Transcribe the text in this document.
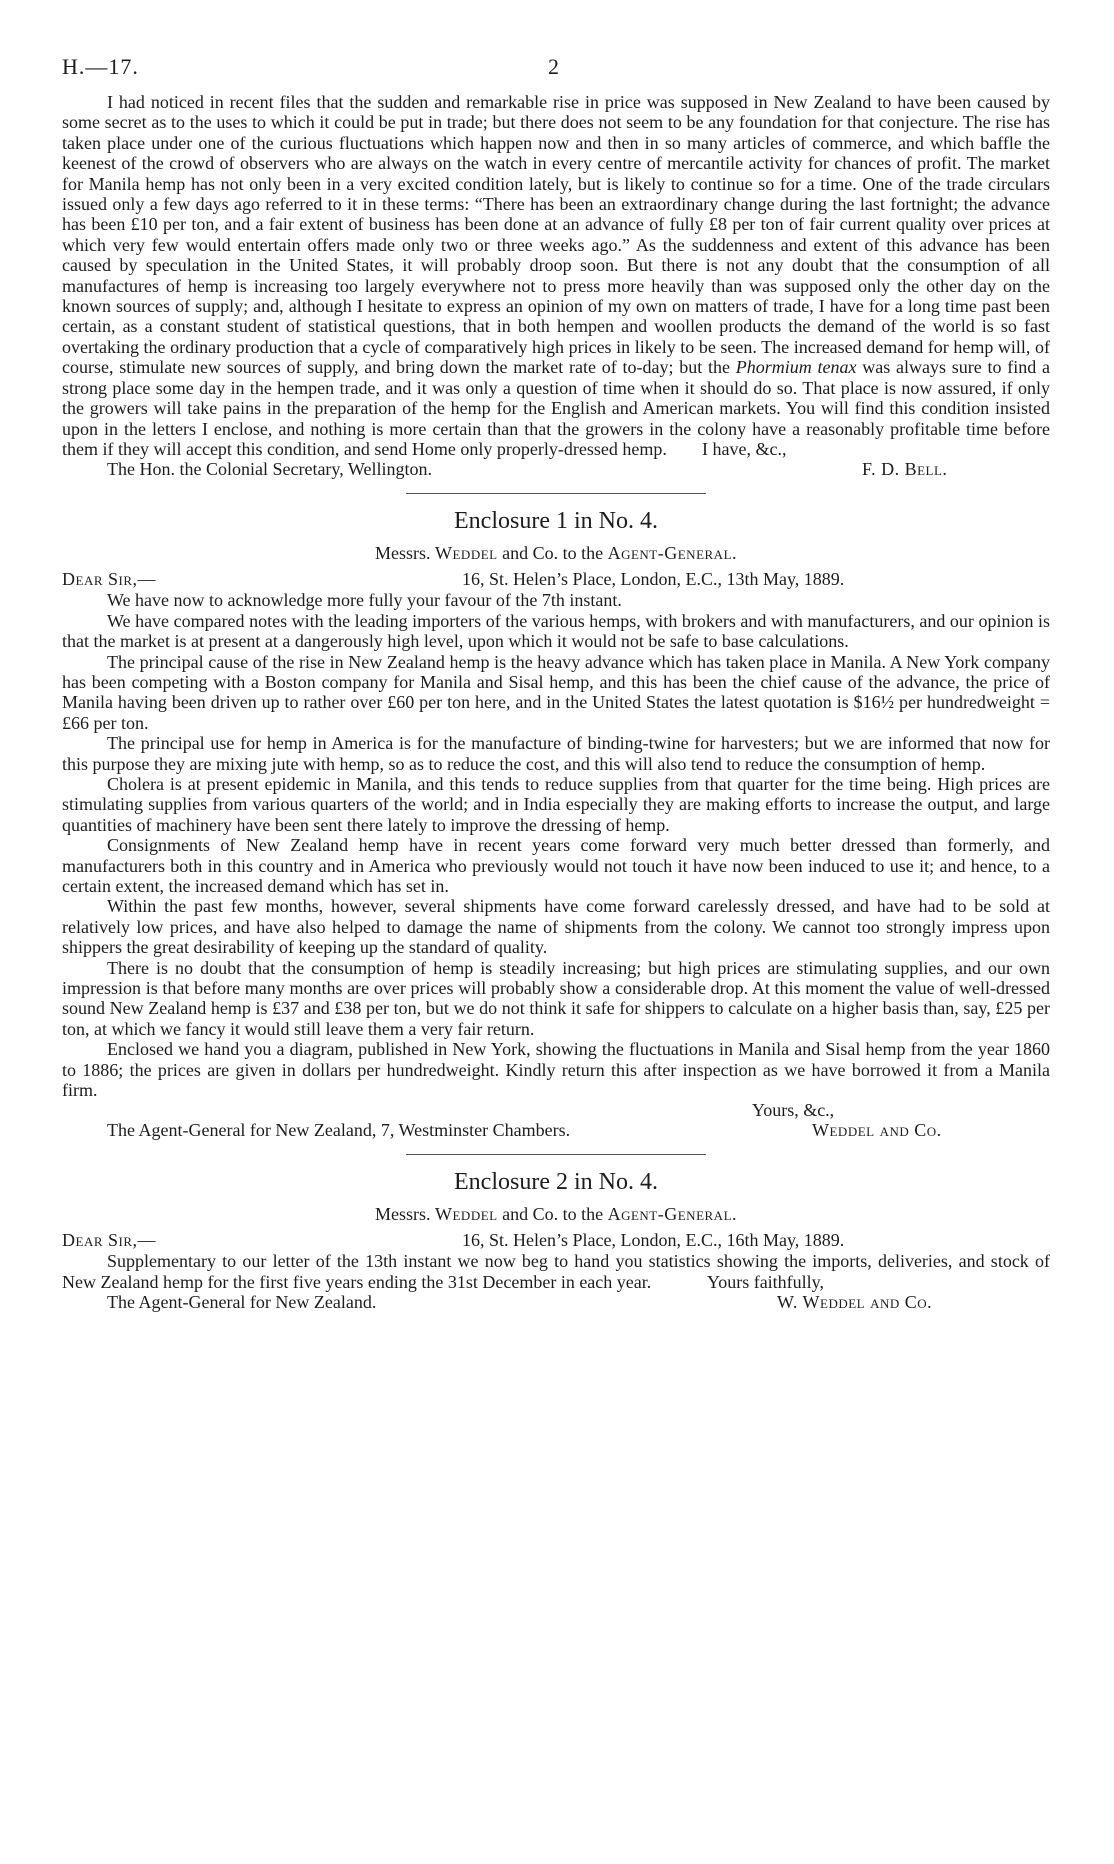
H.—17.	2

I had noticed in recent files that the sudden and remarkable rise in price was supposed in New Zealand to have been caused by some secret as to the uses to which it could be put in trade; but there does not seem to be any foundation for that conjecture. The rise has taken place under one of the curious fluctuations which happen now and then in so many articles of commerce, and which baffle the keenest of the crowd of observers who are always on the watch in every centre of mercantile activity for chances of profit. The market for Manila hemp has not only been in a very excited condition lately, but is likely to continue so for a time. One of the trade circulars issued only a few days ago referred to it in these terms: “There has been an extraordinary change during the last fortnight; the advance has been £10 per ton, and a fair extent of business has been done at an advance of fully £8 per ton of fair current quality over prices at which very few would entertain offers made only two or three weeks ago.” As the suddenness and extent of this advance has been caused by speculation in the United States, it will probably droop soon. But there is not any doubt that the consumption of all manufactures of hemp is increasing too largely everywhere not to press more heavily than was supposed only the other day on the known sources of supply; and, although I hesitate to express an opinion of my own on matters of trade, I have for a long time past been certain, as a constant student of statistical questions, that in both hempen and woollen products the demand of the world is so fast overtaking the ordinary production that a cycle of comparatively high prices in likely to be seen. The increased demand for hemp will, of course, stimulate new sources of supply, and bring down the market rate of to-day; but the Phormium tenax was always sure to find a strong place some day in the hempen trade, and it was only a question of time when it should do so. That place is now assured, if only the growers will take pains in the preparation of the hemp for the English and American markets. You will find this condition insisted upon in the letters I enclose, and nothing is more certain than that the growers in the colony have a reasonably profitable time before them if they will accept this condition, and send Home only properly-dressed hemp.	I have, &c.,
The Hon. the Colonial Secretary, Wellington.	F. D. Bell.
Enclosure 1 in No. 4.
Messrs. Weddel and Co. to the Agent-General.
Dear Sir,—	16, St. Helen’s Place, London, E.C., 13th May, 1889.

We have now to acknowledge more fully your favour of the 7th instant.

We have compared notes with the leading importers of the various hemps, with brokers and with manufacturers, and our opinion is that the market is at present at a dangerously high level, upon which it would not be safe to base calculations.

The principal cause of the rise in New Zealand hemp is the heavy advance which has taken place in Manila. A New York company has been competing with a Boston company for Manila and Sisal hemp, and this has been the chief cause of the advance, the price of Manila having been driven up to rather over £60 per ton here, and in the United States the latest quotation is $16½ per hundredweight = £66 per ton.

The principal use for hemp in America is for the manufacture of binding-twine for harvesters; but we are informed that now for this purpose they are mixing jute with hemp, so as to reduce the cost, and this will also tend to reduce the consumption of hemp.

Cholera is at present epidemic in Manila, and this tends to reduce supplies from that quarter for the time being. High prices are stimulating supplies from various quarters of the world; and in India especially they are making efforts to increase the output, and large quantities of machinery have been sent there lately to improve the dressing of hemp.

Consignments of New Zealand hemp have in recent years come forward very much better dressed than formerly, and manufacturers both in this country and in America who previously would not touch it have now been induced to use it; and hence, to a certain extent, the increased demand which has set in.

Within the past few months, however, several shipments have come forward carelessly dressed, and have had to be sold at relatively low prices, and have also helped to damage the name of shipments from the colony. We cannot too strongly impress upon shippers the great desirability of keeping up the standard of quality.

There is no doubt that the consumption of hemp is steadily increasing; but high prices are stimulating supplies, and our own impression is that before many months are over prices will probably show a considerable drop. At this moment the value of well-dressed sound New Zealand hemp is £37 and £38 per ton, but we do not think it safe for shippers to calculate on a higher basis than, say, £25 per ton, at which we fancy it would still leave them a very fair return.

Enclosed we hand you a diagram, published in New York, showing the fluctuations in Manila and Sisal hemp from the year 1860 to 1886; the prices are given in dollars per hundredweight. Kindly return this after inspection as we have borrowed it from a Manila firm.

Yours, &c.,
The Agent-General for New Zealand, 7, Westminster Chambers.	Weddel and Co.
Enclosure 2 in No. 4.
Messrs. Weddel and Co. to the Agent-General.
Dear Sir,—	16, St. Helen’s Place, London, E.C., 16th May, 1889.

Supplementary to our letter of the 13th instant we now beg to hand you statistics showing the imports, deliveries, and stock of New Zealand hemp for the first five years ending the 31st December in each year.	Yours faithfully,
The Agent-General for New Zealand.	W. Weddel and Co.
